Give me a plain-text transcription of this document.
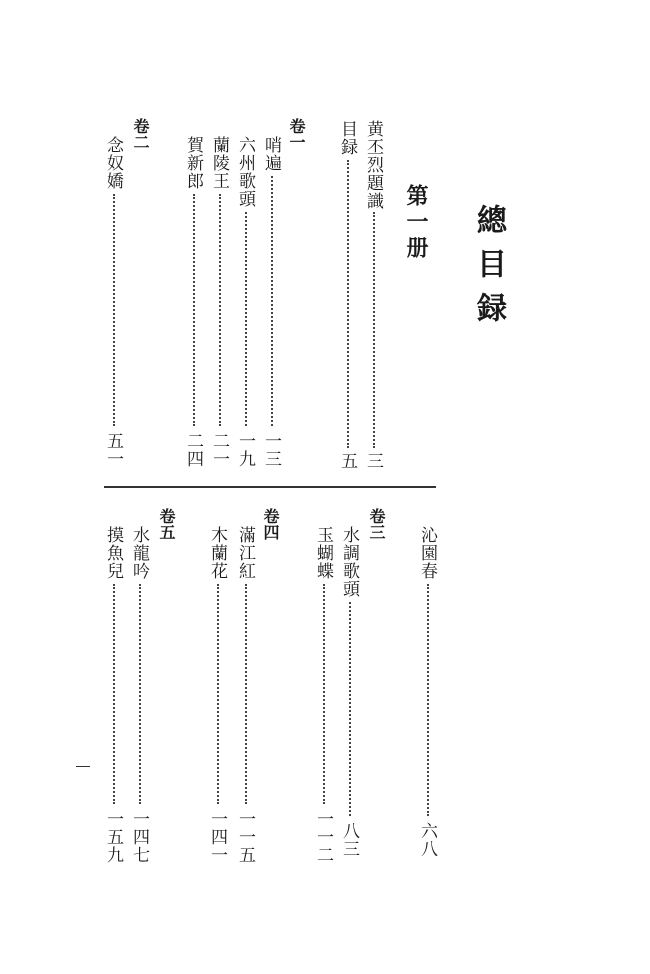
總目録
第一册
黄丕烈題識
三
目録
五
卷一
哨遍
一三
六州歌頭
一九
蘭陵王
二一
賀新郎
二四
卷二
念奴嬌
五一
沁園春
六八
卷三
水調歌頭
八三
玉蝴蝶
一一二
卷四
滿江紅
一一五
木蘭花
一四一
卷五
水龍吟
一四七
摸魚兒
一五九
